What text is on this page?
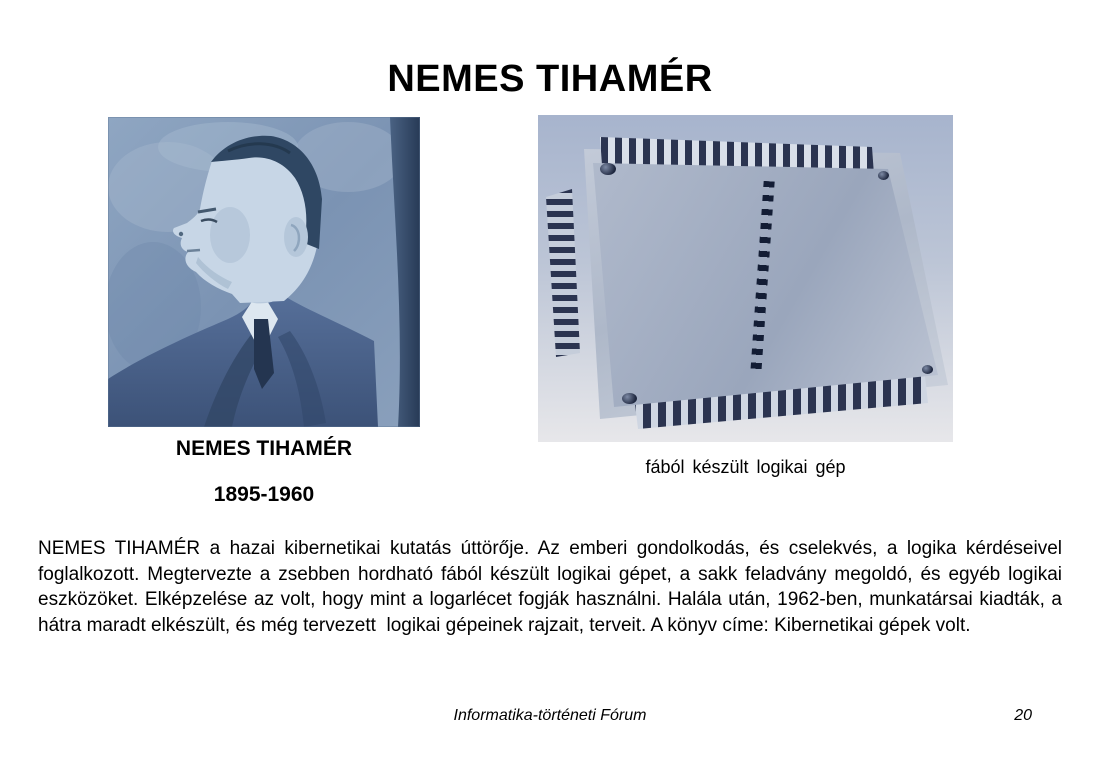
NEMES TIHAMÉR
NEMES TIHAMÉR
1895-1960
fából készült logikai gép

NEMES TIHAMÉR a hazai kibernetikai kutatás úttörője. Az emberi gondolkodás, és cselekvés, a logika kérdéseivel foglalkozott. Megtervezte a zsebben hordható fából készült logikai gépet, a sakk feladvány megoldó, és egyéb logikai eszközöket. Elképzelése az volt, hogy mint a logarlécet fogják használni. Halála után, 1962-ben, munkatársai kiadták, a hátra maradt elkészült, és még tervezett  logikai gépeinek rajzait, terveit. A könyv címe: Kibernetikai gépek volt.

Informatika-történeti Fórum	20
